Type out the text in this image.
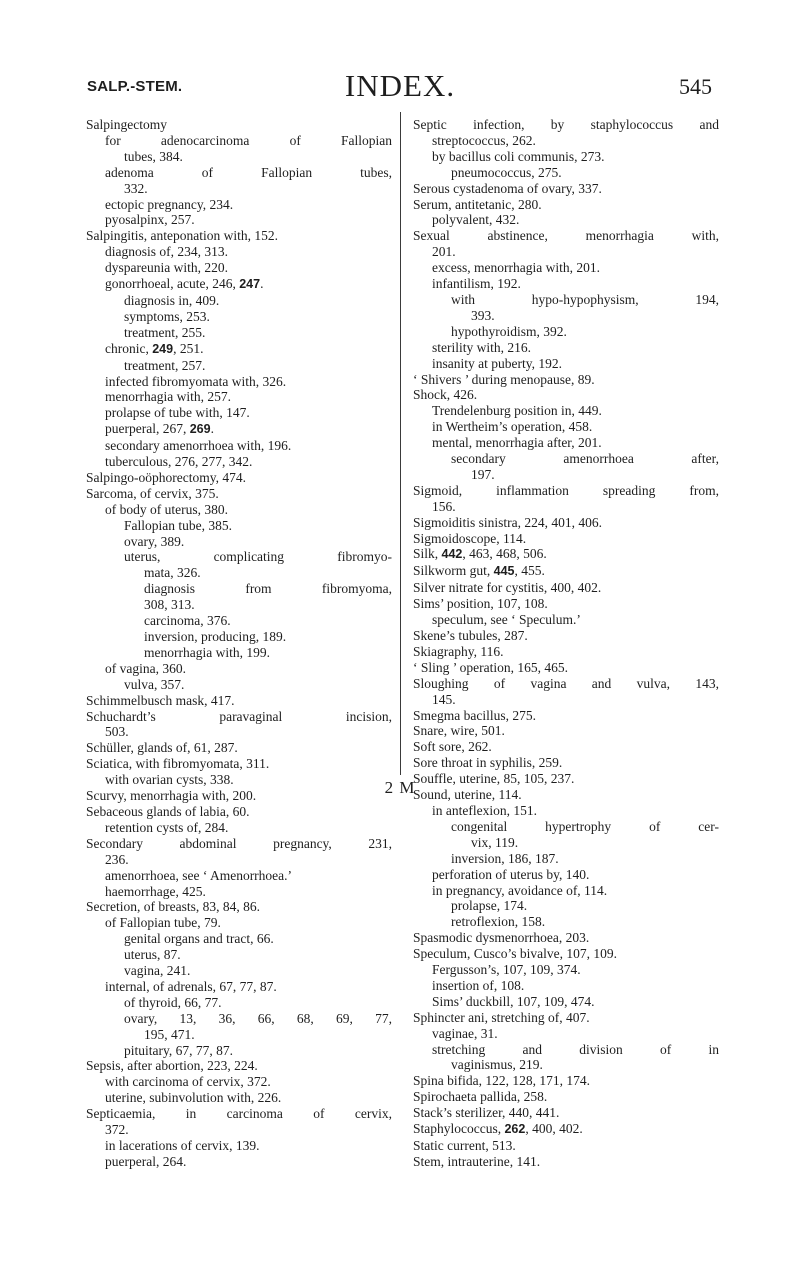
SALP.-STEM.	INDEX.	545
Salpingectomy
for adenocarcinoma of Fallopian
tubes, 384.
adenoma of Fallopian tubes,
332.
ectopic pregnancy, 234.
pyosalpinx, 257.
Salpingitis, anteponation with, 152.
diagnosis of, 234, 313.
dyspareunia with, 220.
gonorrhoeal, acute, 246, 247.
diagnosis in, 409.
symptoms, 253.
treatment, 255.
chronic, 249, 251.
treatment, 257.
infected fibromyomata with, 326.
menorrhagia with, 257.
prolapse of tube with, 147.
puerperal, 267, 269.
secondary amenorrhoea with, 196.
tuberculous, 276, 277, 342.
Salpingo-oöphorectomy, 474.
Sarcoma, of cervix, 375.
of body of uterus, 380.
Fallopian tube, 385.
ovary, 389.
uterus, complicating fibromyo-
mata, 326.
diagnosis from fibromyoma,
308, 313.
carcinoma, 376.
inversion, producing, 189.
menorrhagia with, 199.
of vagina, 360.
vulva, 357.
Schimmelbusch mask, 417.
Schuchardt’s paravaginal incision,
503.
Schüller, glands of, 61, 287.
Sciatica, with fibromyomata, 311.
with ovarian cysts, 338.
Scurvy, menorrhagia with, 200.
Sebaceous glands of labia, 60.
retention cysts of, 284.
Secondary abdominal pregnancy, 231,
236.
amenorrhoea, see ‘ Amenorrhoea.’
haemorrhage, 425.
Secretion, of breasts, 83, 84, 86.
of Fallopian tube, 79.
genital organs and tract, 66.
uterus, 87.
vagina, 241.
internal, of adrenals, 67, 77, 87.
of thyroid, 66, 77.
ovary, 13, 36, 66, 68, 69, 77,
195, 471.
pituitary, 67, 77, 87.
Sepsis, after abortion, 223, 224.
with carcinoma of cervix, 372.
uterine, subinvolution with, 226.
Septicaemia, in carcinoma of cervix,
372.
in lacerations of cervix, 139.
puerperal, 264.
Septic infection, by staphylococcus and
streptococcus, 262.
by bacillus coli communis, 273.
pneumococcus, 275.
Serous cystadenoma of ovary, 337.
Serum, antitetanic, 280.
polyvalent, 432.
Sexual abstinence, menorrhagia with,
201.
excess, menorrhagia with, 201.
infantilism, 192.
with hypo-hypophysism, 194,
393.
hypothyroidism, 392.
sterility with, 216.
insanity at puberty, 192.
‘ Shivers ’ during menopause, 89.
Shock, 426.
Trendelenburg position in, 449.
in Wertheim’s operation, 458.
mental, menorrhagia after, 201.
secondary amenorrhoea after,
197.
Sigmoid, inflammation spreading from,
156.
Sigmoiditis sinistra, 224, 401, 406.
Sigmoidoscope, 114.
Silk, 442, 463, 468, 506.
Silkworm gut, 445, 455.
Silver nitrate for cystitis, 400, 402.
Sims’ position, 107, 108.
speculum, see ‘ Speculum.’
Skene’s tubules, 287.
Skiagraphy, 116.
‘ Sling ’ operation, 165, 465.
Sloughing of vagina and vulva, 143,
145.
Smegma bacillus, 275.
Snare, wire, 501.
Soft sore, 262.
Sore throat in syphilis, 259.
Souffle, uterine, 85, 105, 237.
Sound, uterine, 114.
in anteflexion, 151.
congenital hypertrophy of cer-
vix, 119.
inversion, 186, 187.
perforation of uterus by, 140.
in pregnancy, avoidance of, 114.
prolapse, 174.
retroflexion, 158.
Spasmodic dysmenorrhoea, 203.
Speculum, Cusco’s bivalve, 107, 109.
Fergusson’s, 107, 109, 374.
insertion of, 108.
Sims’ duckbill, 107, 109, 474.
Sphincter ani, stretching of, 407.
vaginae, 31.
stretching and division of in
vaginismus, 219.
Spina bifida, 122, 128, 171, 174.
Spirochaeta pallida, 258.
Stack’s sterilizer, 440, 441.
Staphylococcus, 262, 400, 402.
Static current, 513.
Stem, intrauterine, 141.
2 M
